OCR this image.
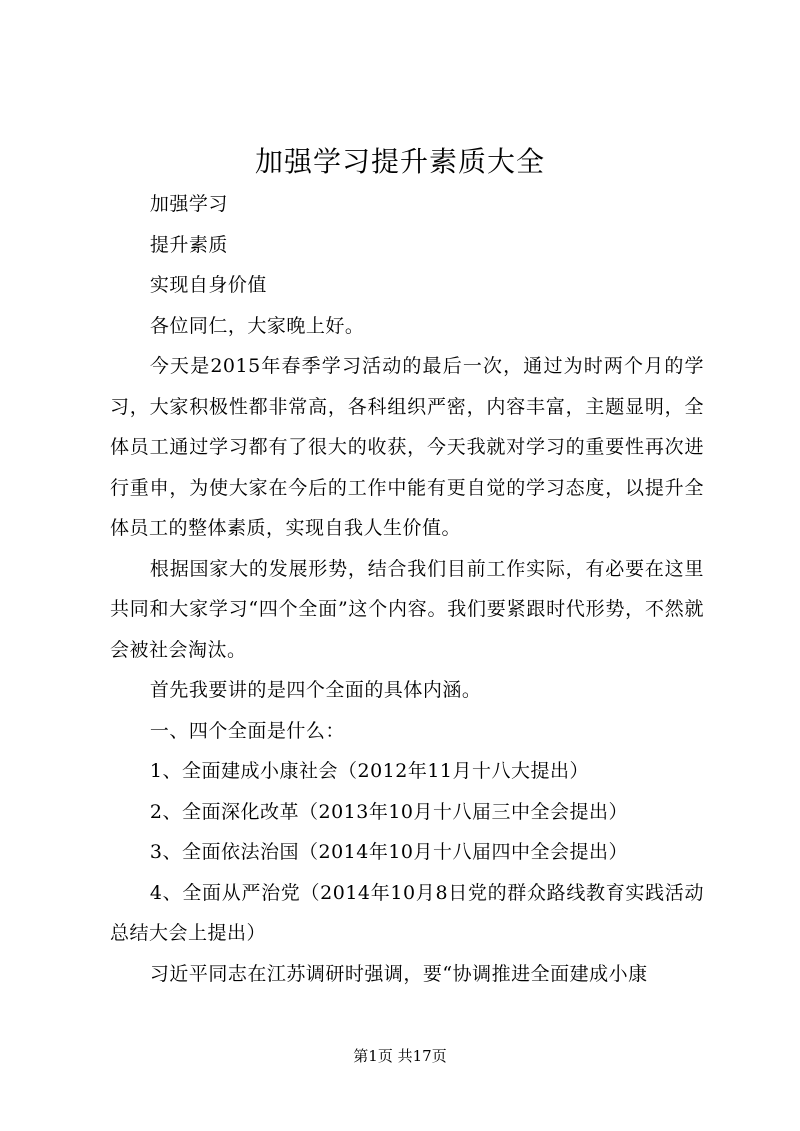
加强学习提升素质大全

加强学习

提升素质

实现自身价值

各位同仁，大家晚上好。

今天是2015年春季学习活动的最后一次，通过为时两个月的学习，大家积极性都非常高，各科组织严密，内容丰富，主题显明，全体员工通过学习都有了很大的收获，今天我就对学习的重要性再次进行重申，为使大家在今后的工作中能有更自觉的学习态度，以提升全体员工的整体素质，实现自我人生价值。

根据国家大的发展形势，结合我们目前工作实际，有必要在这里共同和大家学习“四个全面”这个内容。我们要紧跟时代形势，不然就会被社会淘汰。

首先我要讲的是四个全面的具体内涵。

一、四个全面是什么：

1、全面建成小康社会（2012年11月十八大提出）

2、全面深化改革（2013年10月十八届三中全会提出）

3、全面依法治国（2014年10月十八届四中全会提出）

4、全面从严治党（2014年10月8日党的群众路线教育实践活动总结大会上提出）

习近平同志在江苏调研时强调，要“协调推进全面建成小康

第1页 共17页
